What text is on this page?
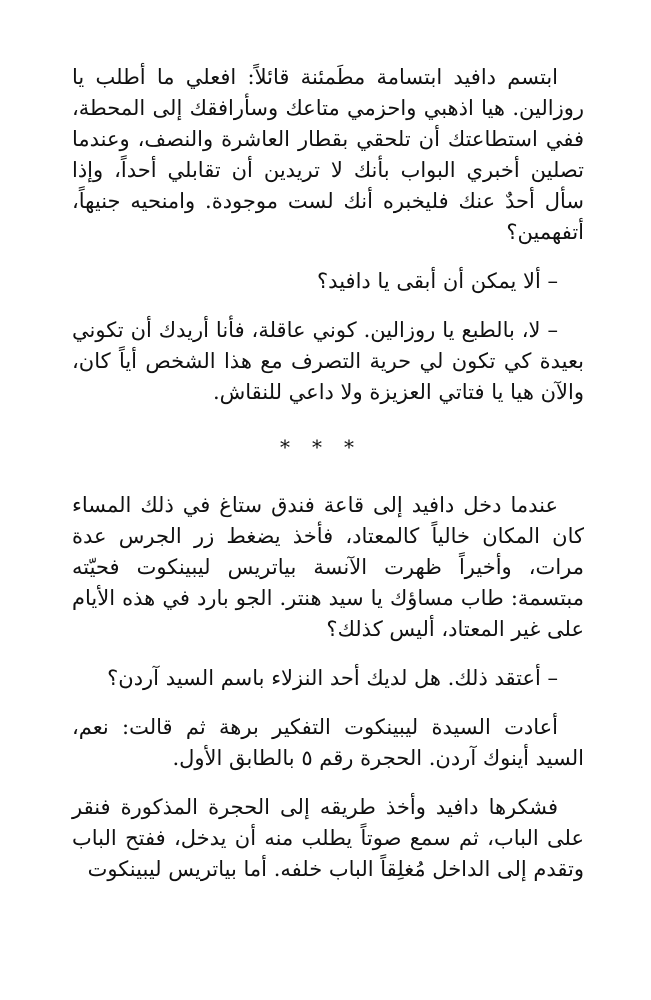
ابتسم دافيد ابتسامة مطَمئنة قائلاً: افعلي ما أطلب يا روزالين. هيا اذهبي واحزمي متاعك وسأرافقك إلى المحطة، ففي استطاعتك أن تلحقي بقطار العاشرة والنصف، وعندما تصلين أخبري البواب بأنك لا تريدين أن تقابلي أحداً، وإذا سأل أحدٌ عنك فليخبره أنك لست موجودة. وامنحيه جنيهاً، أتفهمين؟

– ألا يمكن أن أبقى يا دافيد؟

– لا، بالطبع يا روزالين. كوني عاقلة، فأنا أريدك أن تكوني بعيدة كي تكون لي حرية التصرف مع هذا الشخص أياً كان، والآن هيا يا فتاتي العزيزة ولا داعي للنقاش.

***

عندما دخل دافيد إلى قاعة فندق ستاغ في ذلك المساء كان المكان خالياً كالمعتاد، فأخذ يضغط زر الجرس عدة مرات، وأخيراً ظهرت الآنسة بياتريس ليبينكوت فحيّته مبتسمة: طاب مساؤك يا سيد هنتر. الجو بارد في هذه الأيام على غير المعتاد، أليس كذلك؟

– أعتقد ذلك. هل لديك أحد النزلاء باسم السيد آردن؟

أعادت السيدة ليبينكوت التفكير برهة ثم قالت: نعم، السيد أينوك آردن. الحجرة رقم ٥ بالطابق الأول.

فشكرها دافيد وأخذ طريقه إلى الحجرة المذكورة فنقر على الباب، ثم سمع صوتاً يطلب منه أن يدخل، ففتح الباب وتقدم إلى الداخل مُغلِقاً الباب خلفه. أما بياتريس ليبينكوت
